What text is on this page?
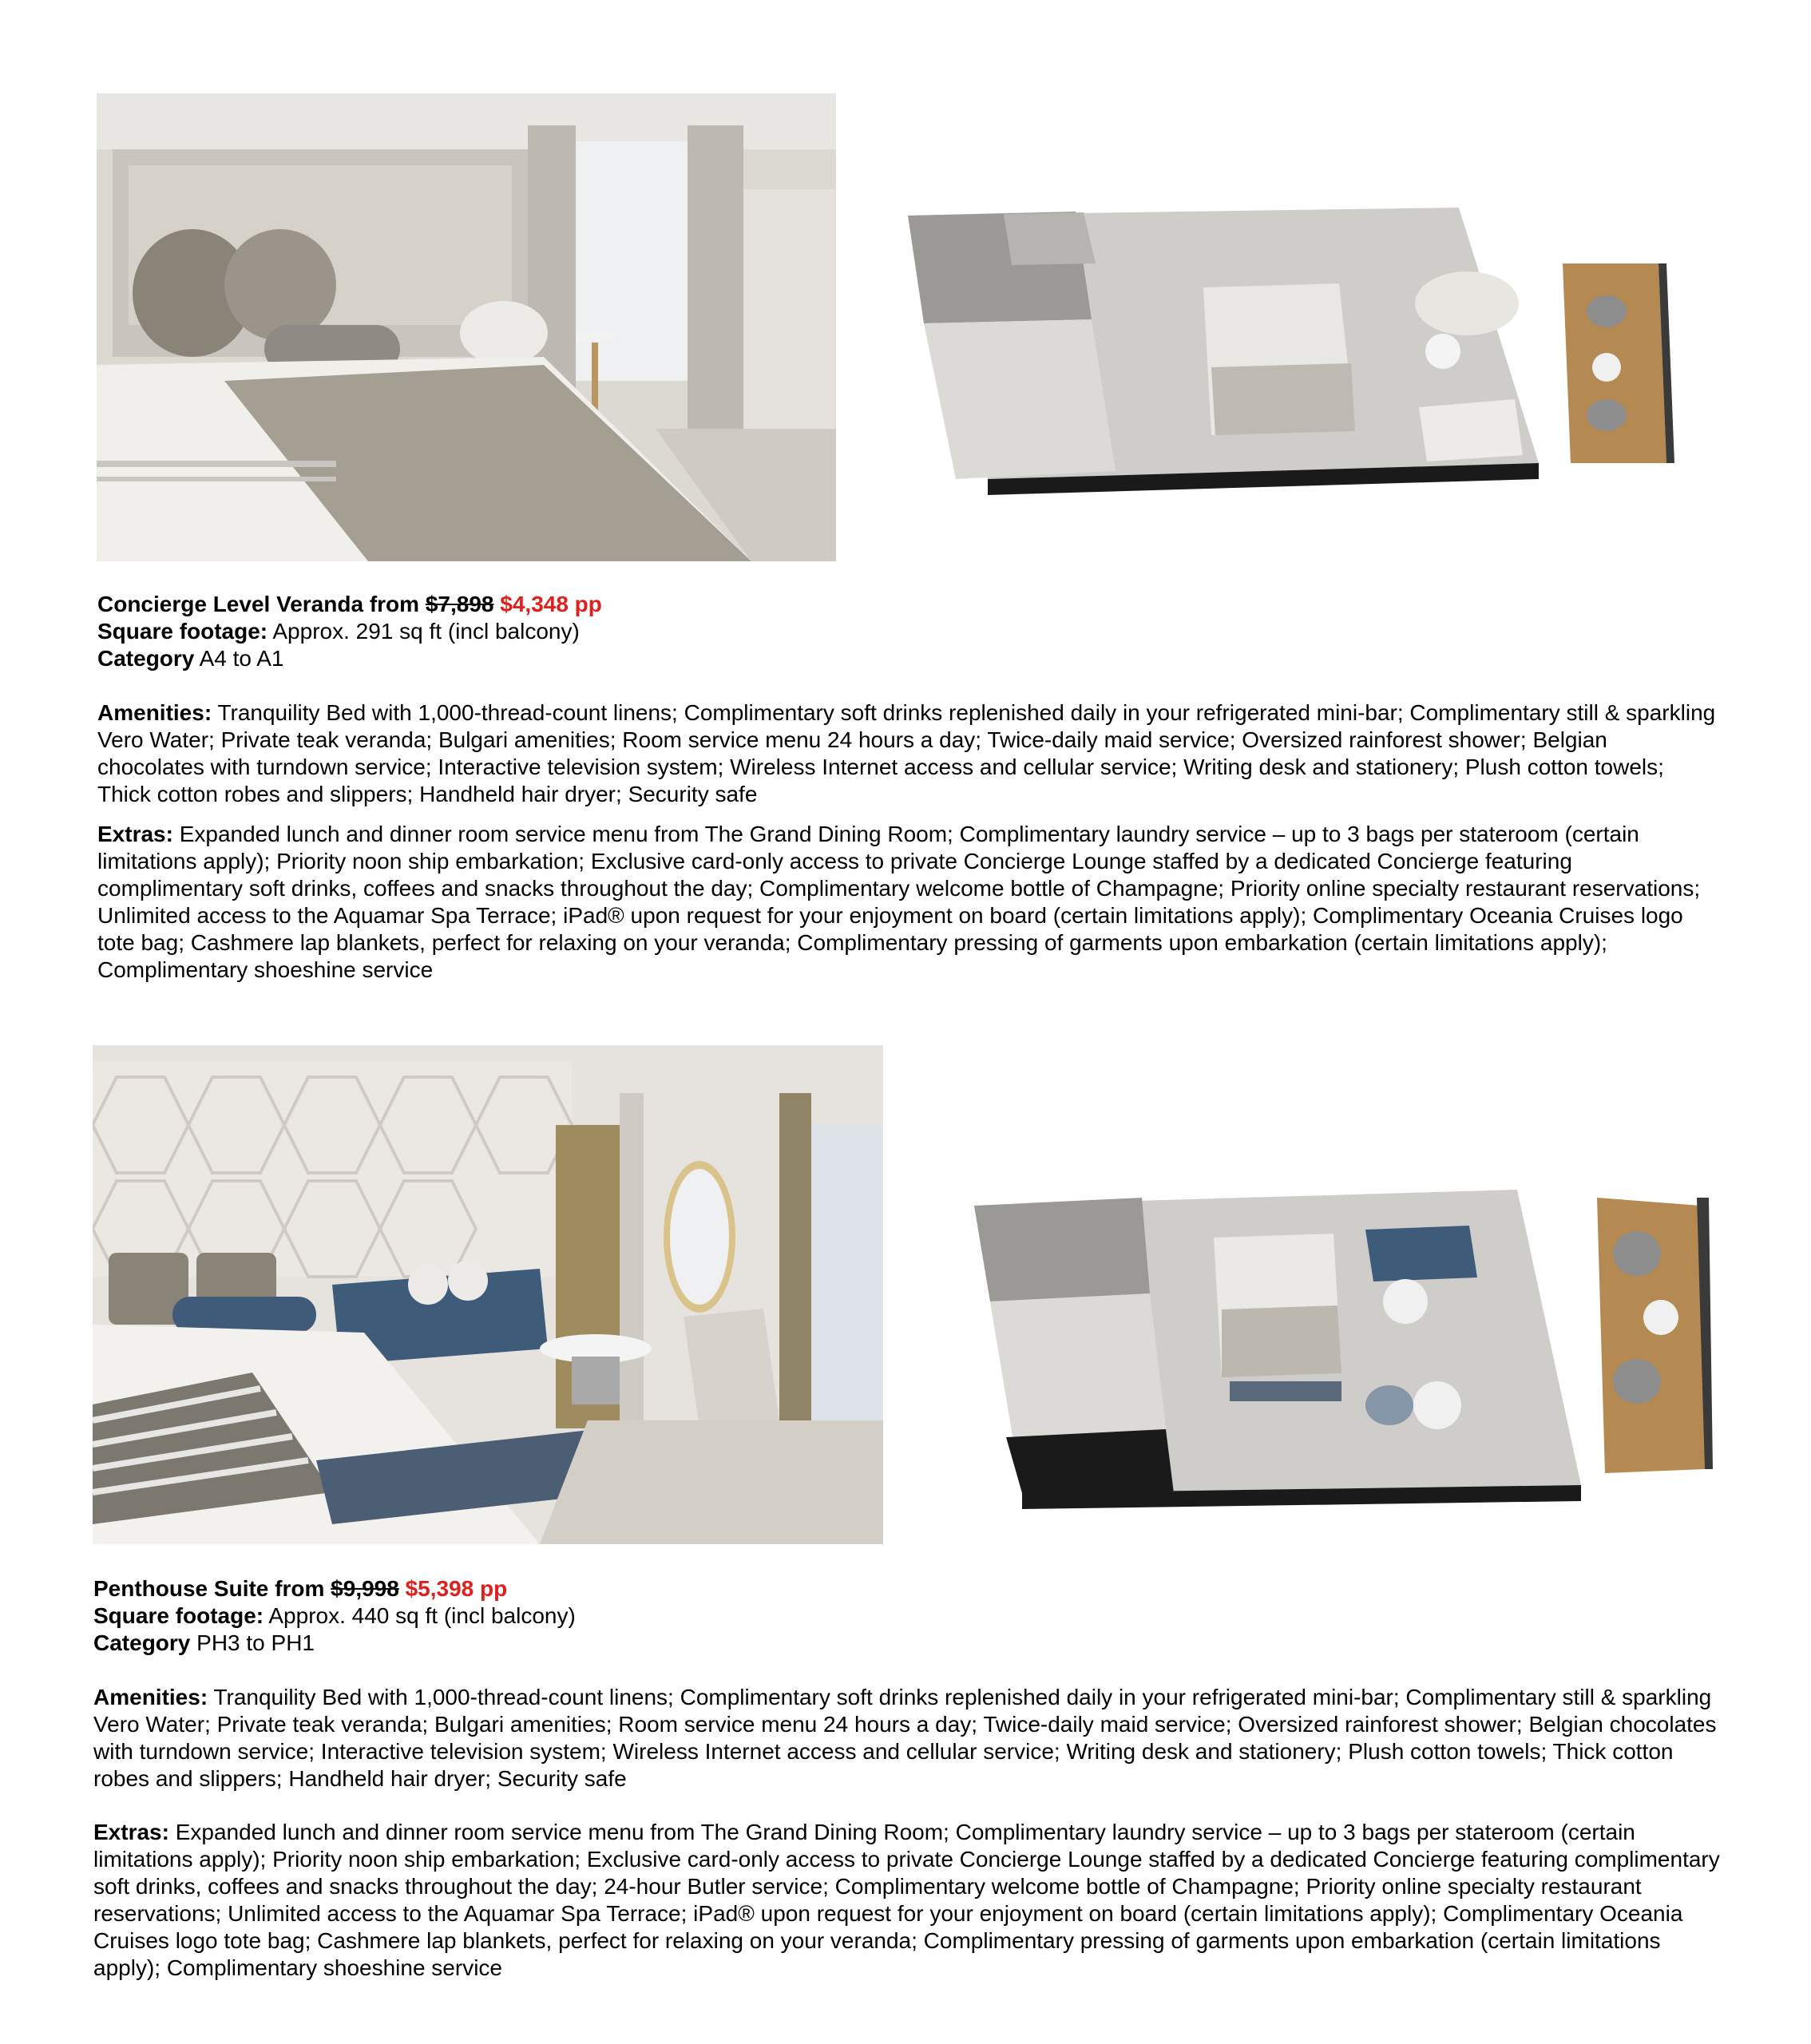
Concierge Level Veranda from $7,898 $4,348 pp

Square footage: Approx. 291 sq ft (incl balcony)

Category A4 to A1

Amenities: Tranquility Bed with 1,000-thread-count linens; Complimentary soft drinks replenished daily in your refrigerated mini-bar; Complimentary still & sparkling Vero Water; Private teak veranda; Bulgari amenities; Room service menu 24 hours a day; Twice-daily maid service; Oversized rainforest shower; Belgian chocolates with turndown service; Interactive television system; Wireless Internet access and cellular service; Writing desk and stationery; Plush cotton towels; Thick cotton robes and slippers; Handheld hair dryer; Security safe

Extras: Expanded lunch and dinner room service menu from The Grand Dining Room; Complimentary laundry service – up to 3 bags per stateroom (certain limitations apply); Priority noon ship embarkation; Exclusive card-only access to private Concierge Lounge staffed by a dedicated Concierge featuring complimentary soft drinks, coffees and snacks throughout the day; Complimentary welcome bottle of Champagne; Priority online specialty restaurant reservations; Unlimited access to the Aquamar Spa Terrace; iPad® upon request for your enjoyment on board (certain limitations apply); Complimentary Oceania Cruises logo tote bag; Cashmere lap blankets, perfect for relaxing on your veranda; Complimentary pressing of garments upon embarkation (certain limitations apply); Complimentary shoeshine service

Penthouse Suite from $9,998 $5,398 pp

Square footage: Approx. 440 sq ft (incl balcony)

Category PH3 to PH1

Amenities: Tranquility Bed with 1,000-thread-count linens; Complimentary soft drinks replenished daily in your refrigerated mini-bar; Complimentary still & sparkling Vero Water; Private teak veranda; Bulgari amenities; Room service menu 24 hours a day; Twice-daily maid service; Oversized rainforest shower; Belgian chocolates with turndown service; Interactive television system; Wireless Internet access and cellular service; Writing desk and stationery; Plush cotton towels; Thick cotton robes and slippers; Handheld hair dryer; Security safe

Extras: Expanded lunch and dinner room service menu from The Grand Dining Room; Complimentary laundry service – up to 3 bags per stateroom (certain limitations apply); Priority noon ship embarkation; Exclusive card-only access to private Concierge Lounge staffed by a dedicated Concierge featuring complimentary soft drinks, coffees and snacks throughout the day; 24-hour Butler service; Complimentary welcome bottle of Champagne; Priority online specialty restaurant reservations; Unlimited access to the Aquamar Spa Terrace; iPad® upon request for your enjoyment on board (certain limitations apply); Complimentary Oceania Cruises logo tote bag; Cashmere lap blankets, perfect for relaxing on your veranda; Complimentary pressing of garments upon embarkation (certain limitations apply); Complimentary shoeshine service
